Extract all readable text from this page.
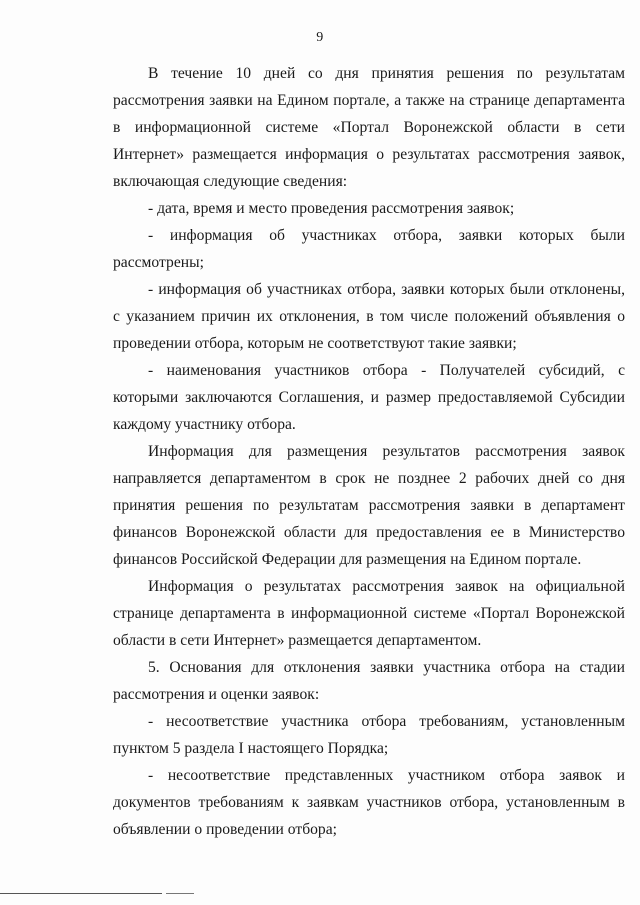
9

В течение 10 дней со дня принятия решения по результатам рассмотрения заявки на Едином портале, а также на странице департамента в информационной системе «Портал Воронежской области в сети Интернет» размещается информация о результатах рассмотрения заявок, включающая следующие сведения:

- дата, время и место проведения рассмотрения заявок;

- информация об участниках отбора, заявки которых были рассмотрены;

- информация об участниках отбора, заявки которых были отклонены, с указанием причин их отклонения, в том числе положений объявления о проведении отбора, которым не соответствуют такие заявки;

- наименования участников отбора - Получателей субсидий, с которыми заключаются Соглашения, и размер предоставляемой Субсидии каждому участнику отбора.

Информация для размещения результатов рассмотрения заявок направляется департаментом в срок не позднее 2 рабочих дней со дня принятия решения по результатам рассмотрения заявки в департамент финансов Воронежской области для предоставления ее в Министерство финансов Российской Федерации для размещения на Едином портале.

Информация о результатах рассмотрения заявок на официальной странице департамента в информационной системе «Портал Воронежской области в сети Интернет» размещается департаментом.

5. Основания для отклонения заявки участника отбора на стадии рассмотрения и оценки заявок:

- несоответствие участника отбора требованиям, установленным пунктом 5 раздела I настоящего Порядка;

- несоответствие представленных участником отбора заявок и документов требованиям к заявкам участников отбора, установленным в объявлении о проведении отбора;
